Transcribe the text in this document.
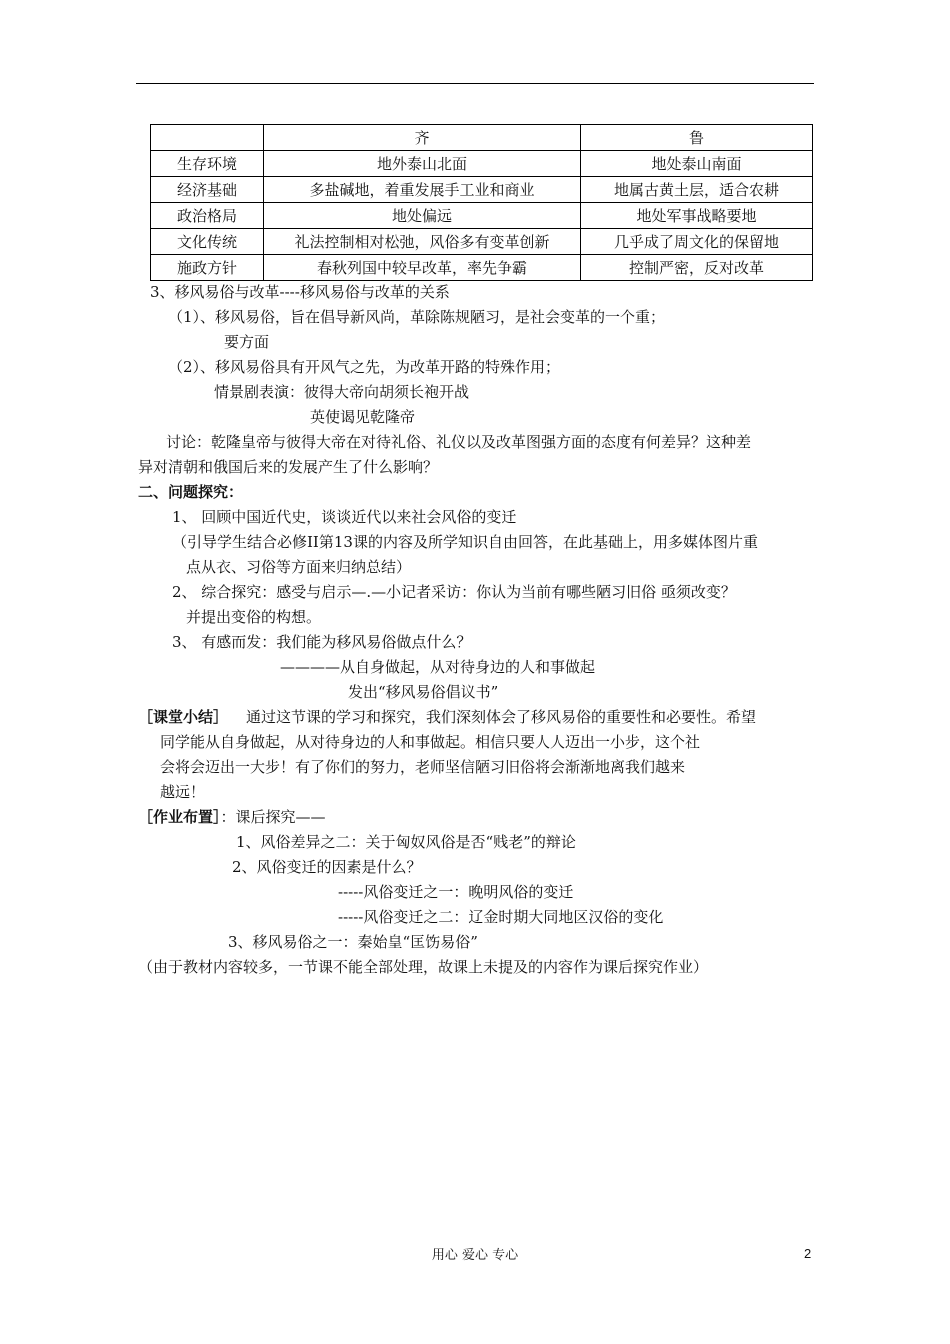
	齐	鲁
生存环境	地外泰山北面	地处泰山南面
经济基础	多盐碱地，着重发展手工业和商业	地属古黄土层，适合农耕
政治格局	地处偏远	地处军事战略要地
文化传统	礼法控制相对松弛，风俗多有变革创新	几乎成了周文化的保留地
施政方针	春秋列国中较早改革，率先争霸	控制严密，反对改革
3、移风易俗与改革----移风易俗与改革的关系
（1）、移风易俗，旨在倡导新风尚，革除陈规陋习，是社会变革的一个重；
要方面
（2）、移风易俗具有开风气之先，为改革开路的特殊作用；
情景剧表演：彼得大帝向胡须长袍开战
英使谒见乾隆帝
讨论：乾隆皇帝与彼得大帝在对待礼俗、礼仪以及改革图强方面的态度有何差异？这种差
异对清朝和俄国后来的发展产生了什么影响？
二、问题探究：
1、 回顾中国近代史，谈谈近代以来社会风俗的变迁
（引导学生结合必修II第13课的内容及所学知识自由回答，在此基础上，用多媒体图片重
点从衣、习俗等方面来归纳总结）
2、 综合探究：感受与启示—.—小记者采访：你认为当前有哪些陋习旧俗 亟须改变？
并提出变俗的构想。
3、 有感而发：我们能为移风易俗做点什么？
————从自身做起，从对待身边的人和事做起
发出“移风易俗倡议书”
［课堂小结］ 通过这节课的学习和探究，我们深刻体会了移风易俗的重要性和必要性。希望
同学能从自身做起，从对待身边的人和事做起。相信只要人人迈出一小步，这个社
会将会迈出一大步！有了你们的努力，老师坚信陋习旧俗将会渐渐地离我们越来
越远！
［作业布置］：课后探究——
1、风俗差异之二：关于匈奴风俗是否“贱老”的辩论
2、风俗变迁的因素是什么？
-----风俗变迁之一：晚明风俗的变迁
-----风俗变迁之二：辽金时期大同地区汉俗的变化
3、移风易俗之一：秦始皇“匡饬易俗”
（由于教材内容较多，一节课不能全部处理，故课上未提及的内容作为课后探究作业）
用心 爱心 专心	2
